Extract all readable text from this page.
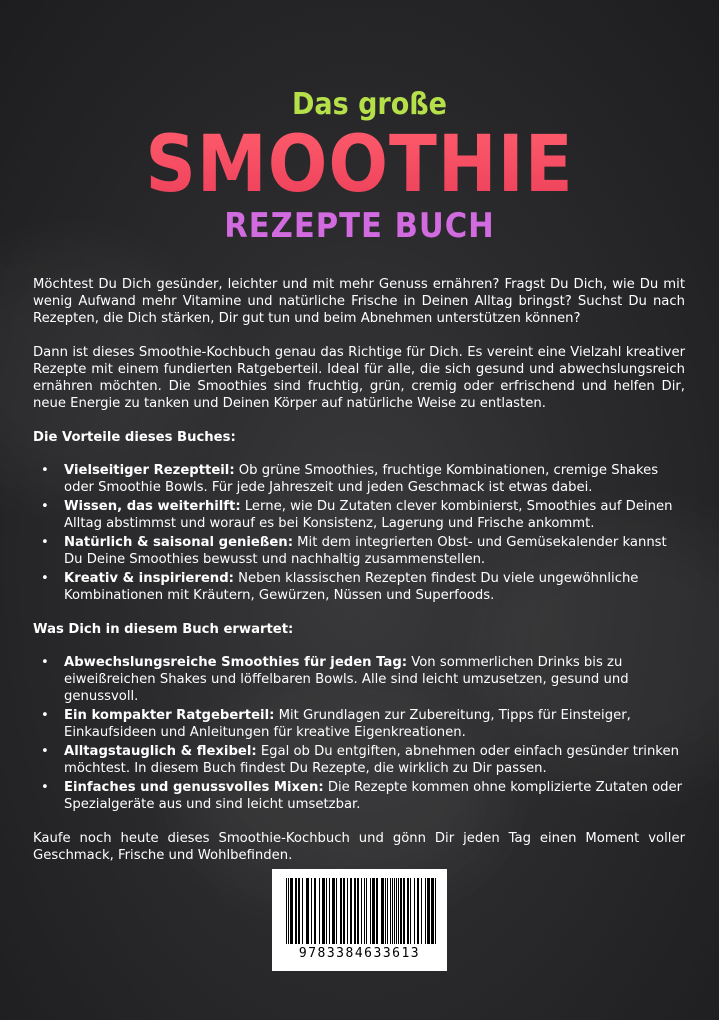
Das große
SMOOTHIE
REZEPTE BUCH

Möchtest Du Dich gesünder, leichter und mit mehr Genuss ernähren? Fragst Du Dich, wie Du mit wenig Aufwand mehr Vitamine und natürliche Frische in Deinen Alltag bringst? Suchst Du nach Rezepten, die Dich stärken, Dir gut tun und beim Abnehmen unterstützen können?

Dann ist dieses Smoothie-Kochbuch genau das Richtige für Dich. Es vereint eine Vielzahl kreativer Rezepte mit einem fundierten Ratgeberteil. Ideal für alle, die sich gesund und abwechslungsreich ernähren möchten. Die Smoothies sind fruchtig, grün, cremig oder erfrischend und helfen Dir, neue Energie zu tanken und Deinen Körper auf natürliche Weise zu entlasten.

Die Vorteile dieses Buches:
• Vielseitiger Rezeptteil: Ob grüne Smoothies, fruchtige Kombinationen, cremige Shakes oder Smoothie Bowls. Für jede Jahreszeit und jeden Geschmack ist etwas dabei.
• Wissen, das weiterhilft: Lerne, wie Du Zutaten clever kombinierst, Smoothies auf Deinen Alltag abstimmst und worauf es bei Konsistenz, Lagerung und Frische ankommt.
• Natürlich & saisonal genießen: Mit dem integrierten Obst- und Gemüsekalender kannst Du Deine Smoothies bewusst und nachhaltig zusammenstellen.
• Kreativ & inspirierend: Neben klassischen Rezepten findest Du viele ungewöhnliche Kombinationen mit Kräutern, Gewürzen, Nüssen und Superfoods.
Was Dich in diesem Buch erwartet:
• Abwechslungsreiche Smoothies für jeden Tag: Von sommerlichen Drinks bis zu eiweißreichen Shakes und löffelbaren Bowls. Alle sind leicht umzusetzen, gesund und genussvoll.
• Ein kompakter Ratgeberteil: Mit Grundlagen zur Zubereitung, Tipps für Einsteiger, Einkaufsideen und Anleitungen für kreative Eigenkreationen.
• Alltagstauglich & flexibel: Egal ob Du entgiften, abnehmen oder einfach gesünder trinken möchtest. In diesem Buch findest Du Rezepte, die wirklich zu Dir passen.
• Einfaches und genussvolles Mixen: Die Rezepte kommen ohne komplizierte Zutaten oder Spezialgeräte aus und sind leicht umsetzbar.

Kaufe noch heute dieses Smoothie-Kochbuch und gönn Dir jeden Tag einen Moment voller Geschmack, Frische und Wohlbefinden.

9783384633613
